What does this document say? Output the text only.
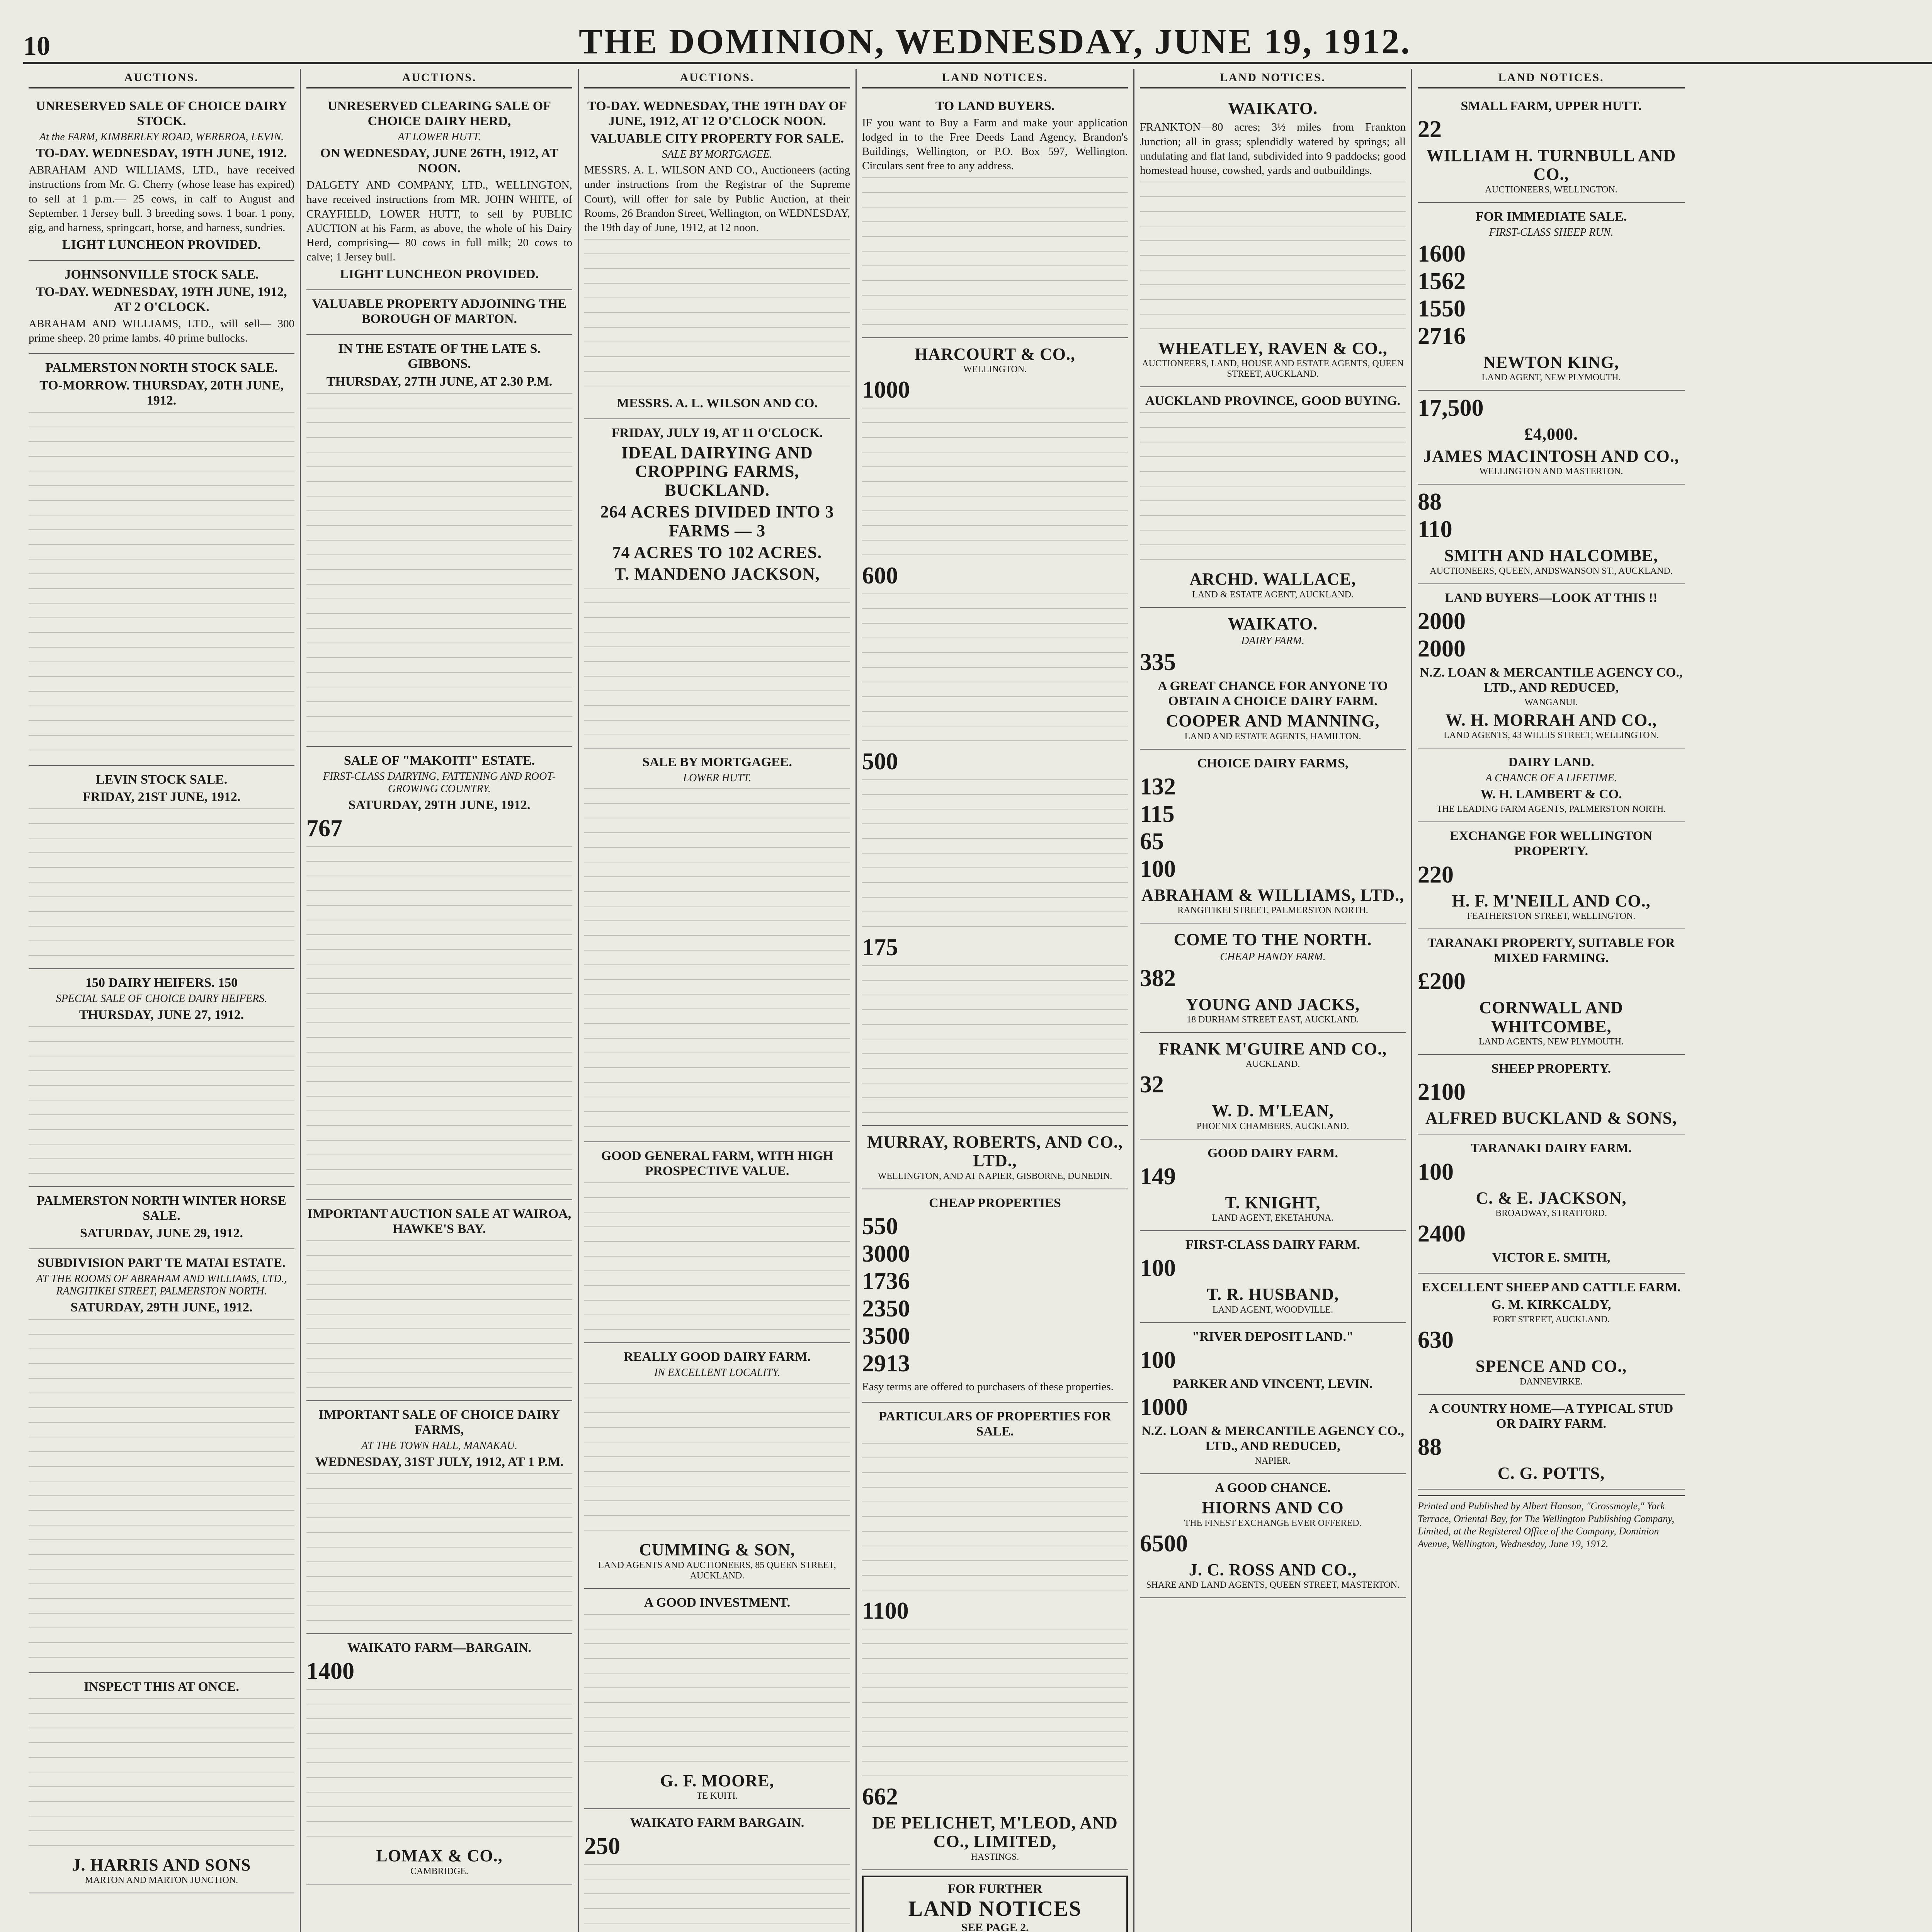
10	THE DOMINION, WEDNESDAY, JUNE 19, 1912.
AUCTIONS.
UNRESERVED SALE OF CHOICE DAIRY STOCK.
At the FARM, KIMBERLEY ROAD, WEREROA, LEVIN.
TO-DAY. WEDNESDAY, 19TH JUNE, 1912.
ABRAHAM AND WILLIAMS, LTD., have received instructions from Mr. G. Cherry (whose lease has expired) to sell at 1 p.m.— 25 cows, in calf to August and September. 1 Jersey bull. 3 breeding sows. 1 boar. 1 pony, gig, and harness, springcart, horse, and harness, sundries.
LIGHT LUNCHEON PROVIDED.
JOHNSONVILLE STOCK SALE.
TO-DAY. WEDNESDAY, 19TH JUNE, 1912, AT 2 O'CLOCK.
ABRAHAM AND WILLIAMS, LTD., will sell— 300 prime sheep. 20 prime lambs. 40 prime bullocks.
PALMERSTON NORTH STOCK SALE.
TO-MORROW. THURSDAY, 20TH JUNE, 1912.
LEVIN STOCK SALE.
FRIDAY, 21ST JUNE, 1912.
150 DAIRY HEIFERS. 150
SPECIAL SALE OF CHOICE DAIRY HEIFERS.
THURSDAY, JUNE 27, 1912.
PALMERSTON NORTH WINTER HORSE SALE.
SATURDAY, JUNE 29, 1912.
SUBDIVISION PART TE MATAI ESTATE.
AT THE ROOMS OF ABRAHAM AND WILLIAMS, LTD., RANGITIKEI STREET, PALMERSTON NORTH.
SATURDAY, 29TH JUNE, 1912.
INSPECT THIS AT ONCE.
J. HARRIS AND SONS
MARTON AND MARTON JUNCTION.
AUCTIONS.
UNRESERVED CLEARING SALE OF CHOICE DAIRY HERD,
AT LOWER HUTT.
ON WEDNESDAY, JUNE 26TH, 1912, AT NOON.
DALGETY AND COMPANY, LTD., WELLINGTON, have received instructions from MR. JOHN WHITE, of CRAYFIELD, LOWER HUTT, to sell by PUBLIC AUCTION at his Farm, as above, the whole of his Dairy Herd, comprising— 80 cows in full milk; 20 cows to calve; 1 Jersey bull.
LIGHT LUNCHEON PROVIDED.
VALUABLE PROPERTY ADJOINING THE BOROUGH OF MARTON.
IN THE ESTATE OF THE LATE S. GIBBONS.
THURSDAY, 27TH JUNE, AT 2.30 P.M.
SALE OF "MAKOITI" ESTATE.
FIRST-CLASS DAIRYING, FATTENING AND ROOT-GROWING COUNTRY.
SATURDAY, 29TH JUNE, 1912.
767
IMPORTANT AUCTION SALE AT WAIROA, HAWKE'S BAY.
IMPORTANT SALE OF CHOICE DAIRY FARMS,
AT THE TOWN HALL, MANAKAU.
WEDNESDAY, 31ST JULY, 1912, AT 1 P.M.
WAIKATO FARM—BARGAIN.
1400
LOMAX & CO.,
CAMBRIDGE.
AUCTIONS.
TO-DAY. WEDNESDAY, THE 19TH DAY OF JUNE, 1912, AT 12 O'CLOCK NOON.
VALUABLE CITY PROPERTY FOR SALE.
SALE BY MORTGAGEE.
MESSRS. A. L. WILSON AND CO., Auctioneers (acting under instructions from the Registrar of the Supreme Court), will offer for sale by Public Auction, at their Rooms, 26 Brandon Street, Wellington, on WEDNESDAY, the 19th day of June, 1912, at 12 noon.
MESSRS. A. L. WILSON AND CO.
FRIDAY, JULY 19, AT 11 O'CLOCK.
IDEAL DAIRYING AND CROPPING FARMS, BUCKLAND.
264 ACRES DIVIDED INTO 3 FARMS — 3
74 ACRES TO 102 ACRES.
T. MANDENO JACKSON,
SALE BY MORTGAGEE.
LOWER HUTT.
GOOD GENERAL FARM, WITH HIGH PROSPECTIVE VALUE.
REALLY GOOD DAIRY FARM.
IN EXCELLENT LOCALITY.
CUMMING & SON,
LAND AGENTS AND AUCTIONEERS, 85 QUEEN STREET, AUCKLAND.
A GOOD INVESTMENT.
G. F. MOORE,
TE KUITI.
WAIKATO FARM BARGAIN.
250
LAND NOTICES.
TO LAND BUYERS.
IF you want to Buy a Farm and make your application lodged in to the Free Deeds Land Agency, Brandon's Buildings, Wellington, or P.O. Box 597, Wellington. Circulars sent free to any address.
HARCOURT & CO.,
WELLINGTON.
1000
600
500
175
MURRAY, ROBERTS, AND CO., LTD.,
WELLINGTON, AND AT NAPIER, GISBORNE, DUNEDIN.
CHEAP PROPERTIES
550
3000
1736
2350
3500
2913
Easy terms are offered to purchasers of these properties.
PARTICULARS OF PROPERTIES FOR SALE.
1100
662
DE PELICHET, M'LEOD, AND CO., LIMITED,
HASTINGS.
FOR FURTHER
LAND NOTICES
SEE PAGE 2.
LAND NOTICES.
WAIKATO.
FRANKTON—80 acres; 3½ miles from Frankton Junction; all in grass; splendidly watered by springs; all undulating and flat land, subdivided into 9 paddocks; good homestead house, cowshed, yards and outbuildings.
WHEATLEY, RAVEN & CO.,
AUCTIONEERS, LAND, HOUSE AND ESTATE AGENTS, QUEEN STREET, AUCKLAND.
AUCKLAND PROVINCE, GOOD BUYING.
ARCHD. WALLACE,
LAND & ESTATE AGENT, AUCKLAND.
WAIKATO.
DAIRY FARM.
335
A GREAT CHANCE FOR ANYONE TO OBTAIN A CHOICE DAIRY FARM.
COOPER AND MANNING,
LAND AND ESTATE AGENTS, HAMILTON.
CHOICE DAIRY FARMS,
132
115
65
100
ABRAHAM & WILLIAMS, LTD.,
RANGITIKEI STREET, PALMERSTON NORTH.
COME TO THE NORTH.
CHEAP HANDY FARM.
382
YOUNG AND JACKS,
18 DURHAM STREET EAST, AUCKLAND.
FRANK M'GUIRE AND CO.,
AUCKLAND.
32
W. D. M'LEAN,
PHOENIX CHAMBERS, AUCKLAND.
GOOD DAIRY FARM.
149
T. KNIGHT,
LAND AGENT, EKETAHUNA.
FIRST-CLASS DAIRY FARM.
100
T. R. HUSBAND,
LAND AGENT, WOODVILLE.
"RIVER DEPOSIT LAND."
100
PARKER AND VINCENT, LEVIN.
1000
N.Z. LOAN & MERCANTILE AGENCY CO., LTD., AND REDUCED,
NAPIER.
A GOOD CHANCE.
HIORNS AND CO
THE FINEST EXCHANGE EVER OFFERED.
6500
J. C. ROSS AND CO.,
SHARE AND LAND AGENTS, QUEEN STREET, MASTERTON.
LAND NOTICES.
SMALL FARM, UPPER HUTT.
22
WILLIAM H. TURNBULL AND CO.,
AUCTIONEERS, WELLINGTON.
FOR IMMEDIATE SALE.
FIRST-CLASS SHEEP RUN.
1600
1562
1550
2716
NEWTON KING,
LAND AGENT, NEW PLYMOUTH.
17,500
£4,000.
JAMES MACINTOSH AND CO.,
WELLINGTON AND MASTERTON.
88
110
SMITH AND HALCOMBE,
AUCTIONEERS, QUEEN, ANDSWANSON ST., AUCKLAND.
LAND BUYERS—LOOK AT THIS !!
2000
2000
N.Z. LOAN & MERCANTILE AGENCY CO., LTD., AND REDUCED,
WANGANUI.
W. H. MORRAH AND CO.,
LAND AGENTS, 43 WILLIS STREET, WELLINGTON.
DAIRY LAND.
A CHANCE OF A LIFETIME.
W. H. LAMBERT & CO.
THE LEADING FARM AGENTS, PALMERSTON NORTH.
EXCHANGE FOR WELLINGTON PROPERTY.
220
H. F. M'NEILL AND CO.,
FEATHERSTON STREET, WELLINGTON.
TARANAKI PROPERTY, SUITABLE FOR MIXED FARMING.
£200
CORNWALL AND WHITCOMBE,
LAND AGENTS, NEW PLYMOUTH.
SHEEP PROPERTY.
2100
ALFRED BUCKLAND & SONS,
TARANAKI DAIRY FARM.
100
C. & E. JACKSON,
BROADWAY, STRATFORD.
2400
VICTOR E. SMITH,
EXCELLENT SHEEP AND CATTLE FARM.
G. M. KIRKCALDY,
FORT STREET, AUCKLAND.
630
SPENCE AND CO.,
DANNEVIRKE.
A COUNTRY HOME—A TYPICAL STUD OR DAIRY FARM.
88
C. G. POTTS,
Printed and Published by Albert Hanson, "Crossmoyle," York Terrace, Oriental Bay, for The Wellington Publishing Company, Limited, at the Registered Office of the Company, Dominion Avenue, Wellington, Wednesday, June 19, 1912.
